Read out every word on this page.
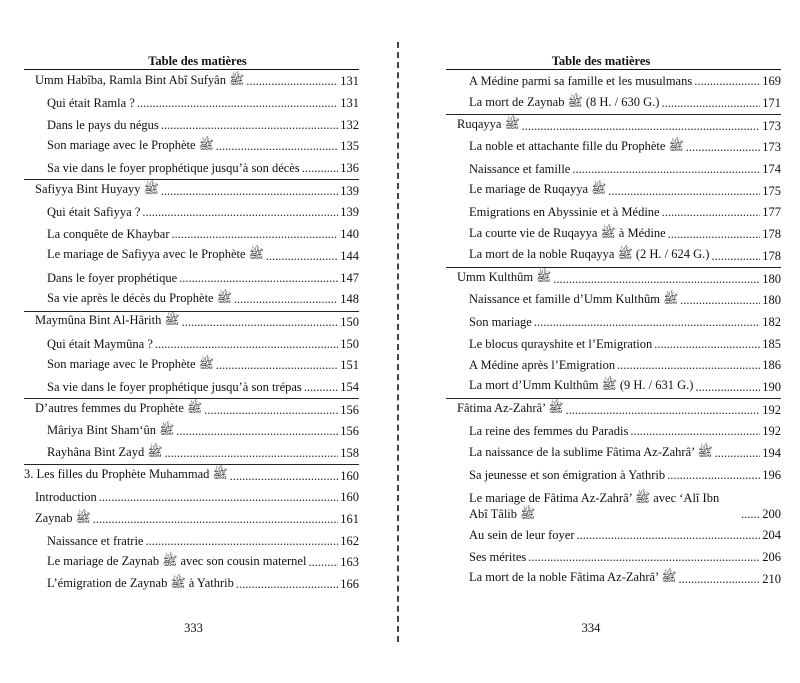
Table des matières
Umm Habîba, Ramla Bint Abî Sufyân ﷺ .....	131
Qui était Ramla ? .....	131
Dans le pays du négus .....	132
Son mariage avec le Prophète ﷺ .....	135
Sa vie dans le foyer prophétique jusqu’à son décès .....	136
Safiyya Bint Huyayy ﷺ .....	139
Qui était Safiyya ? .....	139
La conquête de Khaybar .....	140
Le mariage de Safiyya avec le Prophète ﷺ .....	144
Dans le foyer prophétique .....	147
Sa vie après le décès du Prophète ﷺ .....	148
Maymûna Bint Al-Hârith ﷺ .....	150
Qui était Maymûna ? .....	150
Son mariage avec le Prophète ﷺ .....	151
Sa vie dans le foyer prophétique jusqu’à son trépas .....	154
D’autres femmes du Prophète ﷺ .....	156
Mâriya Bint Sham‘ûn ﷺ .....	156
Rayhâna Bint Zayd ﷺ .....	158
3. Les filles du Prophète Muhammad ﷺ .....	160
Introduction .....	160
Zaynab ﷺ .....	161
Naissance et fratrie .....	162
Le mariage de Zaynab ﷺ avec son cousin maternel .....	163
L’émigration de Zaynab ﷺ à Yathrib .....	166
333
Table des matières
A Médine parmi sa famille et les musulmans .....	169
La mort de Zaynab ﷺ (8 H. / 630 G.) .....	171
Ruqayya ﷺ .....	173
La noble et attachante fille du Prophète ﷺ .....	173
Naissance et famille .....	174
Le mariage de Ruqayya ﷺ .....	175
Emigrations en Abyssinie et à Médine .....	177
La courte vie de Ruqayya ﷺ à Médine .....	178
La mort de la noble Ruqayya ﷺ (2 H. / 624 G.) .....	178
Umm Kulthûm ﷺ .....	180
Naissance et famille d’Umm Kulthûm ﷺ .....	180
Son mariage .....	182
Le blocus qurayshite et l’Emigration .....	185
A Médine après l’Emigration .....	186
La mort d’Umm Kulthûm ﷺ (9 H. / 631 G.) .....	190
Fâtima Az-Zahrâ’ ﷺ .....	192
La reine des femmes du Paradis .....	192
La naissance de la sublime Fâtima Az-Zahrâ’ ﷺ .....	194
Sa jeunesse et son émigration à Yathrib .....	196
Le mariage de Fâtima Az-Zahrâ’ ﷺ avec ‘Alî Ibn Abî Tâlib ﷺ .....	200
Au sein de leur foyer .....	204
Ses mérites .....	206
La mort de la noble Fâtima Az-Zahrâ’ ﷺ .....	210
334
